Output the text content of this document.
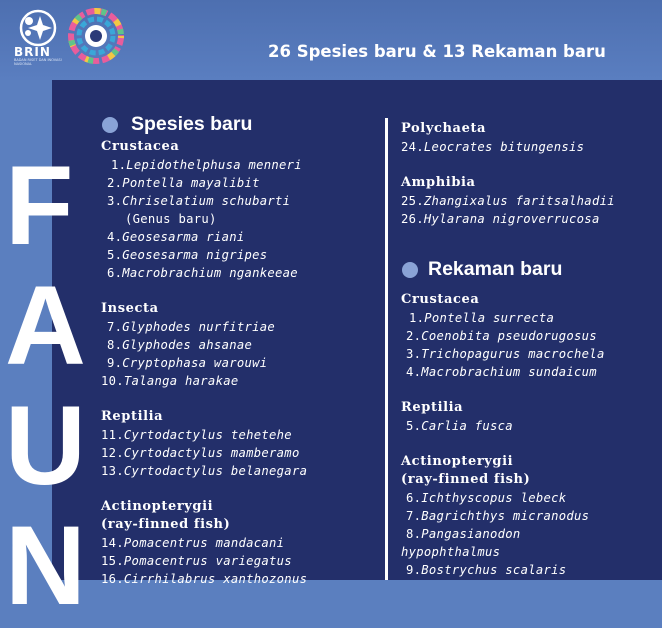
BRIN
BADAN RISET DAN INOVASI NASIONAL
26 Spesies baru & 13 Rekaman baru
F
A
U
N
Spesies baru
Crustacea
1.Lepidothelphusa menneri
2.Pontella mayalibit
3.Chriselatium schubarti
(Genus baru)
4.Geosesarma riani
5.Geosesarma nigripes
6.Macrobrachium ngankeeae
Insecta
7.Glyphodes nurfitriae
8.Glyphodes ahsanae
9.Cryptophasa warouwi
10.Talanga harakae
Reptilia
11.Cyrtodactylus tehetehe
12.Cyrtodactylus mamberamo
13.Cyrtodactylus belanegara
Actinopterygii
(ray-finned fish)
14.Pomacentrus mandacani
15.Pomacentrus variegatus
16.Cirrhilabrus xanthozonus
Polychaeta
24.Leocrates bitungensis
Amphibia
25.Zhangixalus faritsalhadii
26.Hylarana nigroverrucosa
Rekaman baru
Crustacea
1.Pontella surrecta
2.Coenobita pseudorugosus
3.Trichopagurus macrochela
4.Macrobrachium sundaicum
Reptilia
5.Carlia fusca
Actinopterygii
(ray-finned fish)
6.Ichthyscopus lebeck
7.Bagrichthys micranodus
8.Pangasianodon
hypophthalmus
9.Bostrychus scalaris
